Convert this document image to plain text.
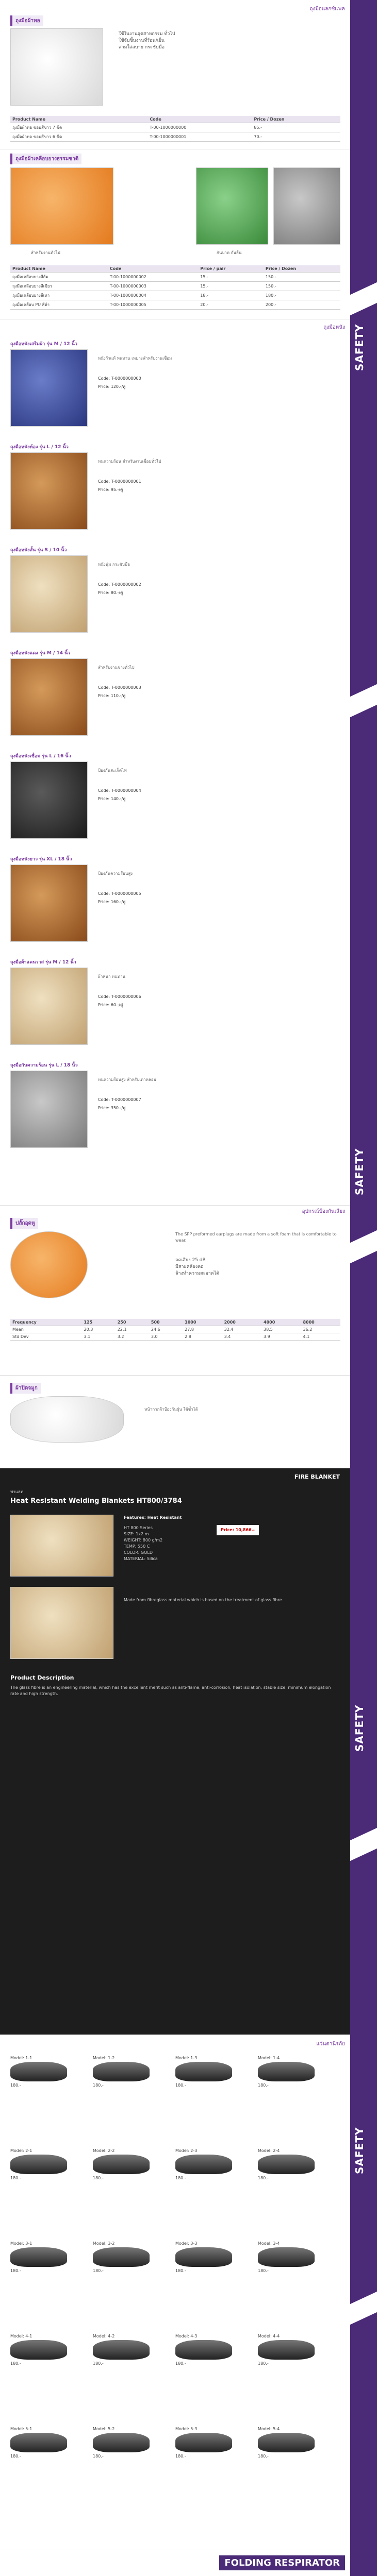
SAFETY
SAFETY
SAFETY
SAFETY
ถุงมือแลกซ์แพค
ถุงมือผ้าทอ
ใช้ในงานอุตสาหกรรม ทั่วไป
ใช้จับชิ้นงานที่ร้อน/เย็น
สวมใส่สบาย กระชับมือ
Product Name	Code	Price / Dozen
ถุงมือผ้าทอ ขอบสีขาว 7 ขีด	T-00-1000000000	85.-
ถุงมือผ้าทอ ขอบสีขาว 6 ขีด	T-00-1000000001	70.-
ถุงมือผ้าเคลือบยางธรรมชาติ
สำหรับงานทั่วไป	กันบาด กันลื่น
Product Name	Code	Price / pair	Price / Dozen
ถุงมือเคลือบยางสีส้ม	T-00-1000000002	15.-	150.-
ถุงมือเคลือบยางสีเขียว	T-00-1000000003	15.-	150.-
ถุงมือเคลือบยางสีเทา	T-00-1000000004	18.-	180.-
ถุงมือเคลือบ PU สีดำ	T-00-1000000005	20.-	200.-
ถุงมือหนัง
ถุงมือหนังเสริมผ้า รุ่น M / 12 นิ้ว
หนังวัวแท้ ทนทาน เหมาะสำหรับงานเชื่อม
Code: T-0000000000
Price: 120.-/คู่
ถุงมือหนังท้อง รุ่น L / 12 นิ้ว
ทนความร้อน สำหรับงานเชื่อมทั่วไป
Code: T-0000000001
Price: 95.-/คู่
ถุงมือหนังสั้น รุ่น S / 10 นิ้ว
หนังนุ่ม กระชับมือ
Code: T-0000000002
Price: 80.-/คู่
ถุงมือหนังแดง รุ่น M / 14 นิ้ว
สำหรับงานช่างทั่วไป
Code: T-0000000003
Price: 110.-/คู่
ถุงมือหนังเชื่อม รุ่น L / 16 นิ้ว
ป้องกันสะเก็ดไฟ
Code: T-0000000004
Price: 140.-/คู่
ถุงมือหนังยาว รุ่น XL / 18 นิ้ว
ป้องกันความร้อนสูง
Code: T-0000000005
Price: 160.-/คู่
ถุงมือผ้าแคนวาส รุ่น M / 12 นิ้ว
ผ้าหนา ทนทาน
Code: T-0000000006
Price: 60.-/คู่
ถุงมือกันความร้อน รุ่น L / 18 นิ้ว
ทนความร้อนสูง สำหรับเตาหลอม
Code: T-0000000007
Price: 350.-/คู่
อุปกรณ์ป้องกันเสียง
ปลั๊กอุดหู
The SPP preformed earplugs are made from a soft foam that is comfortable to wear.
ลดเสียง 25 dB
มีสายคล้องคอ
ล้างทำความสะอาดได้
Frequency	125	250	500	1000	2000	4000	8000
Mean	20.3	22.1	24.6	27.8	32.4	38.5	36.2
Std Dev	3.1	3.2	3.0	2.8	3.4	3.9	4.1
ผ้าปิดจมูก
หน้ากากผ้าป้องกันฝุ่น ใช้ซ้ำได้
FIRE BLANKET
พาแลท
Heat Resistant Welding Blankets HT800/3784
Features: Heat Resistant
HT 800 Series
SIZE: 1x2 m
WEIGHT: 800 g/m2
TEMP: 550 C
COLOR: GOLD
MATERIAL: Silica
Price: 10,866.-
Made from fibreglass material which is based on the treatment of glass fibre.
Product Description
The glass fibre is an engineering material, which has the excellent merit such as anti-flame, anti-corrosion, heat isolation, stable size, minimum elongation rate and high strength.
แว่นตานิรภัย
Model: 1-1
180.-
Model: 1-2
180.-
Model: 1-3
180.-
Model: 1-4
180.-
Model: 2-1
180.-
Model: 2-2
180.-
Model: 2-3
180.-
Model: 2-4
180.-
Model: 3-1
180.-
Model: 3-2
180.-
Model: 3-3
180.-
Model: 3-4
180.-
Model: 4-1
180.-
Model: 4-2
180.-
Model: 4-3
180.-
Model: 4-4
180.-
Model: 5-1
180.-
Model: 5-2
180.-
Model: 5-3
180.-
Model: 5-4
180.-
FOLDING RESPIRATOR
